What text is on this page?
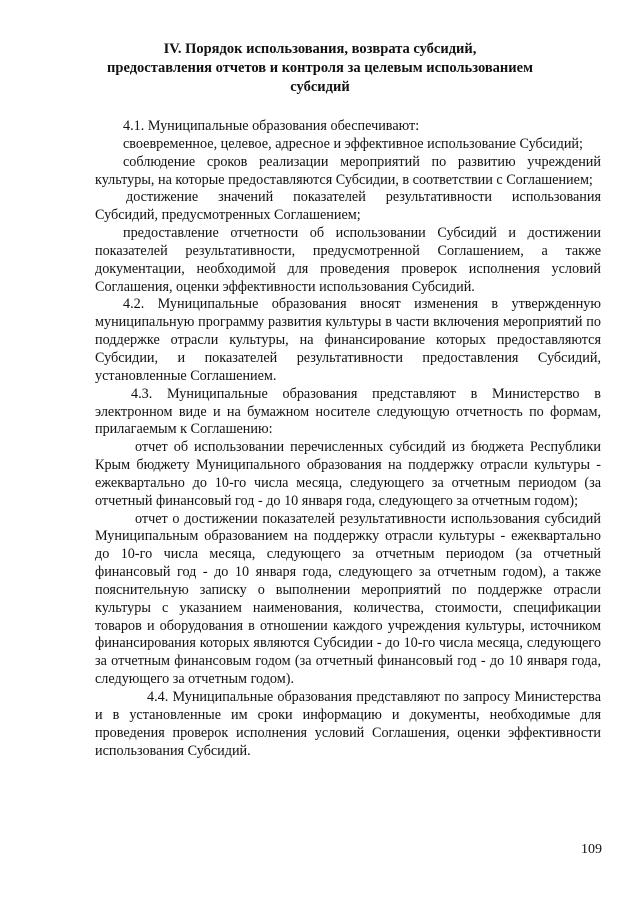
IV. Порядок использования, возврата субсидий,
предоставления отчетов и контроля за целевым использованием
субсидий

4.1. Муниципальные образования обеспечивают:

своевременное, целевое, адресное и эффективное использование Субсидий;

соблюдение сроков реализации мероприятий по развитию учреждений культуры, на которые предоставляются Субсидии, в соответствии с Соглашением;

достижение значений показателей результативности использования Субсидий, предусмотренных Соглашением;

предоставление отчетности об использовании Субсидий и достижении показателей результативности, предусмотренной Соглашением, а также документации, необходимой для проведения проверок исполнения условий Соглашения, оценки эффективности использования Субсидий.

4.2. Муниципальные образования вносят изменения в утвержденную муниципальную программу развития культуры в части включения мероприятий по поддержке отрасли культуры, на финансирование которых предоставляются Субсидии, и показателей результативности предоставления Субсидий, установленные Соглашением.

4.3. Муниципальные образования представляют в Министерство в электронном виде и на бумажном носителе следующую отчетность по формам, прилагаемым к Соглашению:

отчет об использовании перечисленных субсидий из бюджета Республики Крым бюджету Муниципального образования на поддержку отрасли культуры - ежеквартально до 10-го числа месяца, следующего за отчетным периодом (за отчетный финансовый год - до 10 января года, следующего за отчетным годом);

отчет о достижении показателей результативности использования субсидий Муниципальным образованием на поддержку отрасли культуры - ежеквартально до 10-го числа месяца, следующего за отчетным периодом (за отчетный финансовый год - до 10 января года, следующего за отчетным годом), а также пояснительную записку о выполнении мероприятий по поддержке отрасли культуры с указанием наименования, количества, стоимости, спецификации товаров и оборудования в отношении каждого учреждения культуры, источником финансирования которых являются Субсидии - до 10-го числа месяца, следующего за отчетным финансовым годом (за отчетный финансовый год - до 10 января года, следующего за отчетным годом).

4.4. Муниципальные образования представляют по запросу Министерства и в установленные им сроки информацию и документы, необходимые для проведения проверок исполнения условий Соглашения, оценки эффективности использования Субсидий.

109
